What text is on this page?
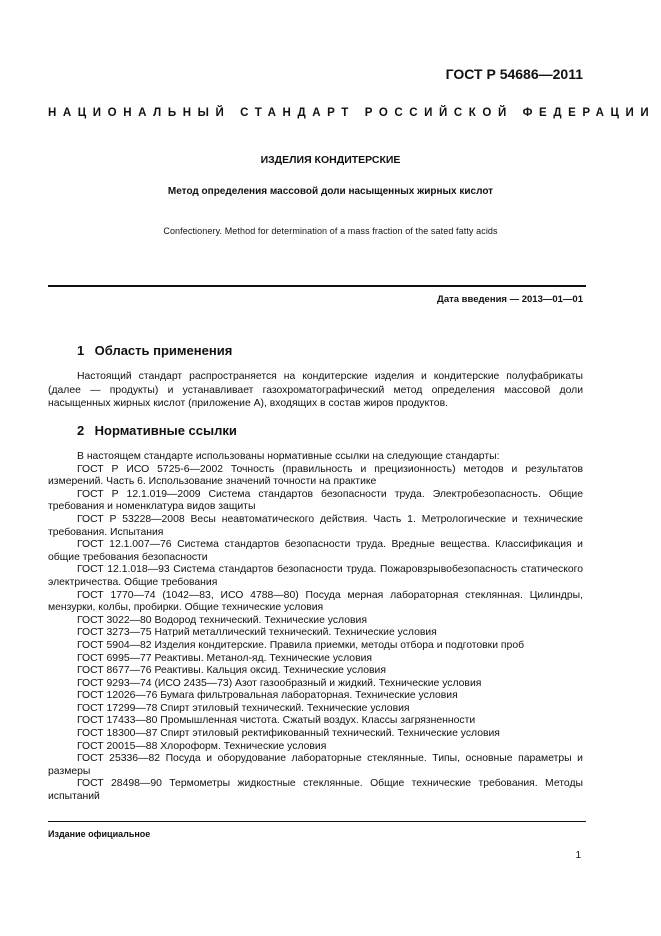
ГОСТ Р 54686—2011
НАЦИОНАЛЬНЫЙ СТАНДАРТ РОССИЙСКОЙ ФЕДЕРАЦИИ
ИЗДЕЛИЯ КОНДИТЕРСКИЕ
Метод определения массовой доли насыщенных жирных кислот
Confectionery. Method for determination of a mass fraction of the sated fatty acids
Дата введения — 2013—01—01
1 Область применения

Настоящий стандарт распространяется на кондитерские изделия и кондитерские полуфабрикаты (далее — продукты) и устанавливает газохроматографический метод определения массовой доли насыщенных жирных кислот (приложение А), входящих в состав жиров продуктов.

2 Нормативные ссылки

В настоящем стандарте использованы нормативные ссылки на следующие стандарты:

ГОСТ Р ИСО 5725-6—2002 Точность (правильность и прецизионность) методов и результатов измерений. Часть 6. Использование значений точности на практике

ГОСТ Р 12.1.019—2009 Система стандартов безопасности труда. Электробезопасность. Общие требования и номенклатура видов защиты

ГОСТ Р 53228—2008 Весы неавтоматического действия. Часть 1. Метрологические и технические требования. Испытания

ГОСТ 12.1.007—76 Система стандартов безопасности труда. Вредные вещества. Классификация и общие требования безопасности

ГОСТ 12.1.018—93 Система стандартов безопасности труда. Пожаровзрывобезопасность статического электричества. Общие требования

ГОСТ 1770—74 (1042—83, ИСО 4788—80) Посуда мерная лабораторная стеклянная. Цилиндры, мензурки, колбы, пробирки. Общие технические условия

ГОСТ 3022—80 Водород технический. Технические условия

ГОСТ 3273—75 Натрий металлический технический. Технические условия

ГОСТ 5904—82 Изделия кондитерские. Правила приемки, методы отбора и подготовки проб

ГОСТ 6995—77 Реактивы. Метанол-яд. Технические условия

ГОСТ 8677—76 Реактивы. Кальция оксид. Технические условия

ГОСТ 9293—74 (ИСО 2435—73) Азот газообразный и жидкий. Технические условия

ГОСТ 12026—76 Бумага фильтровальная лабораторная. Технические условия

ГОСТ 17299—78 Спирт этиловый технический. Технические условия

ГОСТ 17433—80 Промышленная чистота. Сжатый воздух. Классы загрязненности

ГОСТ 18300—87 Спирт этиловый ректификованный технический. Технические условия

ГОСТ 20015—88 Хлороформ. Технические условия

ГОСТ 25336—82 Посуда и оборудование лабораторные стеклянные. Типы, основные параметры и размеры

ГОСТ 28498—90 Термометры жидкостные стеклянные. Общие технические требования. Методы испытаний

Издание официальное
1
